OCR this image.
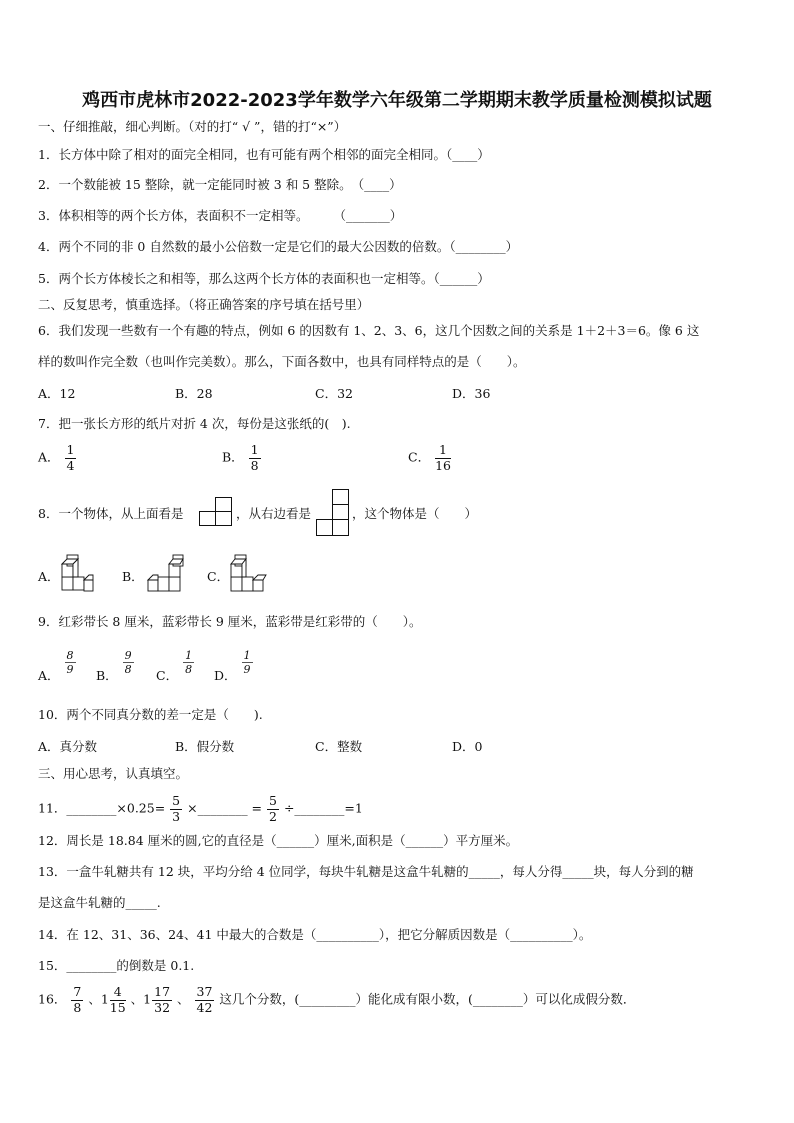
鸡西市虎林市2022-2023学年数学六年级第二学期期末教学质量检测模拟试题
一、仔细推敲，细心判断。（对的打“ √ ”，错的打“×”）
1．长方体中除了相对的面完全相同，也有可能有两个相邻的面完全相同。（____）
2．一个数能被 15 整除，就一定能同时被 3 和 5 整除。　（____）
3．体积相等的两个长方体，表面积不一定相等。　　　（_______）
4．两个不同的非 0 自然数的最小公倍数一定是它们的最大公因数的倍数。（________）
5．两个长方体棱长之和相等，那么这两个长方体的表面积也一定相等。（______）
二、反复思考，慎重选择。（将正确答案的序号填在括号里）
6．我们发现一些数有一个有趣的特点，例如 6 的因数有 1、2、3、6，这几个因数之间的关系是 1＋2＋3＝6。像 6 这
样的数叫作完全数（也叫作完美数）。那么，下面各数中，也具有同样特点的是（　　）。
A．12	B．28	C．32	D．36
7．把一张长方形的纸片对折 4 次，每份是这张纸的(　).
A． $\frac{1}{4}$	B． $\frac{1}{8}$	C． $\frac{1}{16}$
8．一个物体，从上面看是	，从右边看是	，这个物体是（　　）
A．	B．	C．
9．红彩带长 8 厘米，蓝彩带长 9 厘米，蓝彩带是红彩带的（　　）。
A．
$\frac{8}{9}$
B．
$\frac{9}{8}$
C．
$\frac{1}{8}$
D．
$\frac{1}{9}$
10．两个不同真分数的差一定是（　　).
A．真分数	B．假分数	C．整数	D．0
三、用心思考，认真填空。
11．________×0.25= $\frac{5}{3}$ ×________ = $\frac{5}{2}$ ÷________=1
12．周长是 18.84 厘米的圆,它的直径是（______）厘米,面积是（______）平方厘米。
13．一盒牛轧糖共有 12 块，平均分给 4 位同学，每块牛轧糖是这盒牛轧糖的_____，每人分得_____块，每人分到的糖
是这盒牛轧糖的_____.
14．在 12、31、36、24、41 中最大的合数是（__________），把它分解质因数是（__________）。
15．________的倒数是 0.1.
16． $\frac{7}{8}$ 、$1 \frac{4}{15}$ 、$1 \frac{17}{32}$ 、 $\frac{37}{42}$ 这几个分数，(_________）能化成有限小数，(________）可以化成假分数．
